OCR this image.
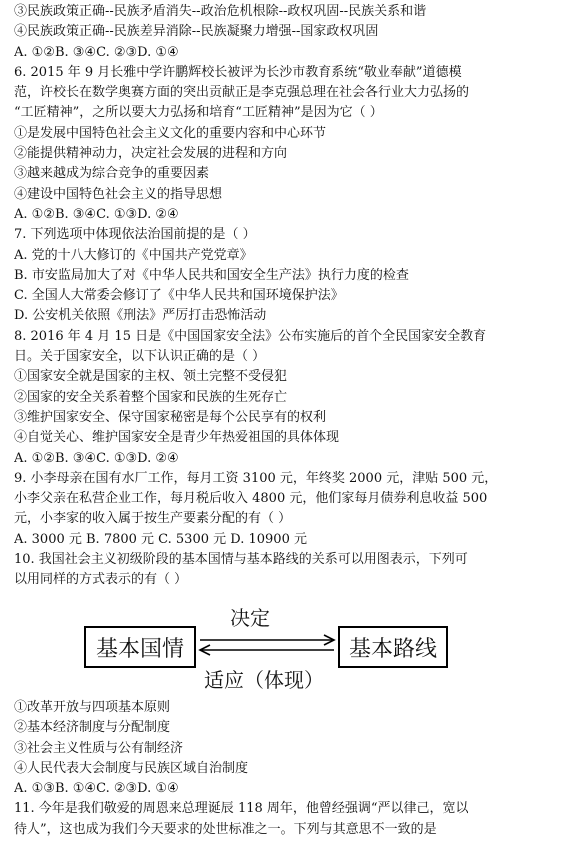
③民族政策正确--民族矛盾消失--政治危机根除--政权巩固--民族关系和谐
④民族政策正确--民族差异消除--民族凝聚力增强--国家政权巩固
A. ①②B. ③④C. ②③D. ①④
6. 2015 年 9 月长雅中学许鹏辉校长被评为长沙市教育系统“敬业奉献”道德模
范，许校长在数学奥赛方面的突出贡献正是李克强总理在社会各行业大力弘扬的
“工匠精神”，之所以要大力弘扬和培育“工匠精神”是因为它（ ）
①是发展中国特色社会主义文化的重要内容和中心环节
②能提供精神动力，决定社会发展的进程和方向
③越来越成为综合竞争的重要因素
④建设中国特色社会主义的指导思想
A. ①②B. ③④C. ①③D. ②④
7. 下列选项中体现依法治国前提的是（ ）
A. 党的十八大修订的《中国共产党党章》
B. 市安监局加大了对《中华人民共和国安全生产法》执行力度的检查
C. 全国人大常委会修订了《中华人民共和国环境保护法》
D. 公安机关依照《刑法》严厉打击恐怖活动
8. 2016 年 4 月 15 日是《中国国家安全法》公布实施后的首个全民国家安全教育
日。关于国家安全，以下认识正确的是（ ）
①国家安全就是国家的主权、领土完整不受侵犯
②国家的安全关系着整个国家和民族的生死存亡
③维护国家安全、保守国家秘密是每个公民享有的权利
④自觉关心、维护国家安全是青少年热爱祖国的具体体现
A. ①②B. ③④C. ①③D. ②④
9. 小李母亲在国有水厂工作，每月工资 3100 元，年终奖 2000 元，津贴 500 元，
小李父亲在私营企业工作，每月税后收入 4800 元，他们家每月债券利息收益 500
元，小李家的收入属于按生产要素分配的有（ ）
A. 3000 元 B. 7800 元 C. 5300 元 D. 10900 元
10. 我国社会主义初级阶段的基本国情与基本路线的关系可以用图表示，下列可
以用同样的方式表示的有（ ）
决定
基本国情	基本路线
适应（体现）
①改革开放与四项基本原则
②基本经济制度与分配制度
③社会主义性质与公有制经济
④人民代表大会制度与民族区域自治制度
A. ①③B. ①④C. ②③D. ①④
11. 今年是我们敬爱的周恩来总理诞辰 118 周年，他曾经强调“严以律己，宽以
待人”，这也成为我们今天要求的处世标准之一。下列与其意思不一致的是
